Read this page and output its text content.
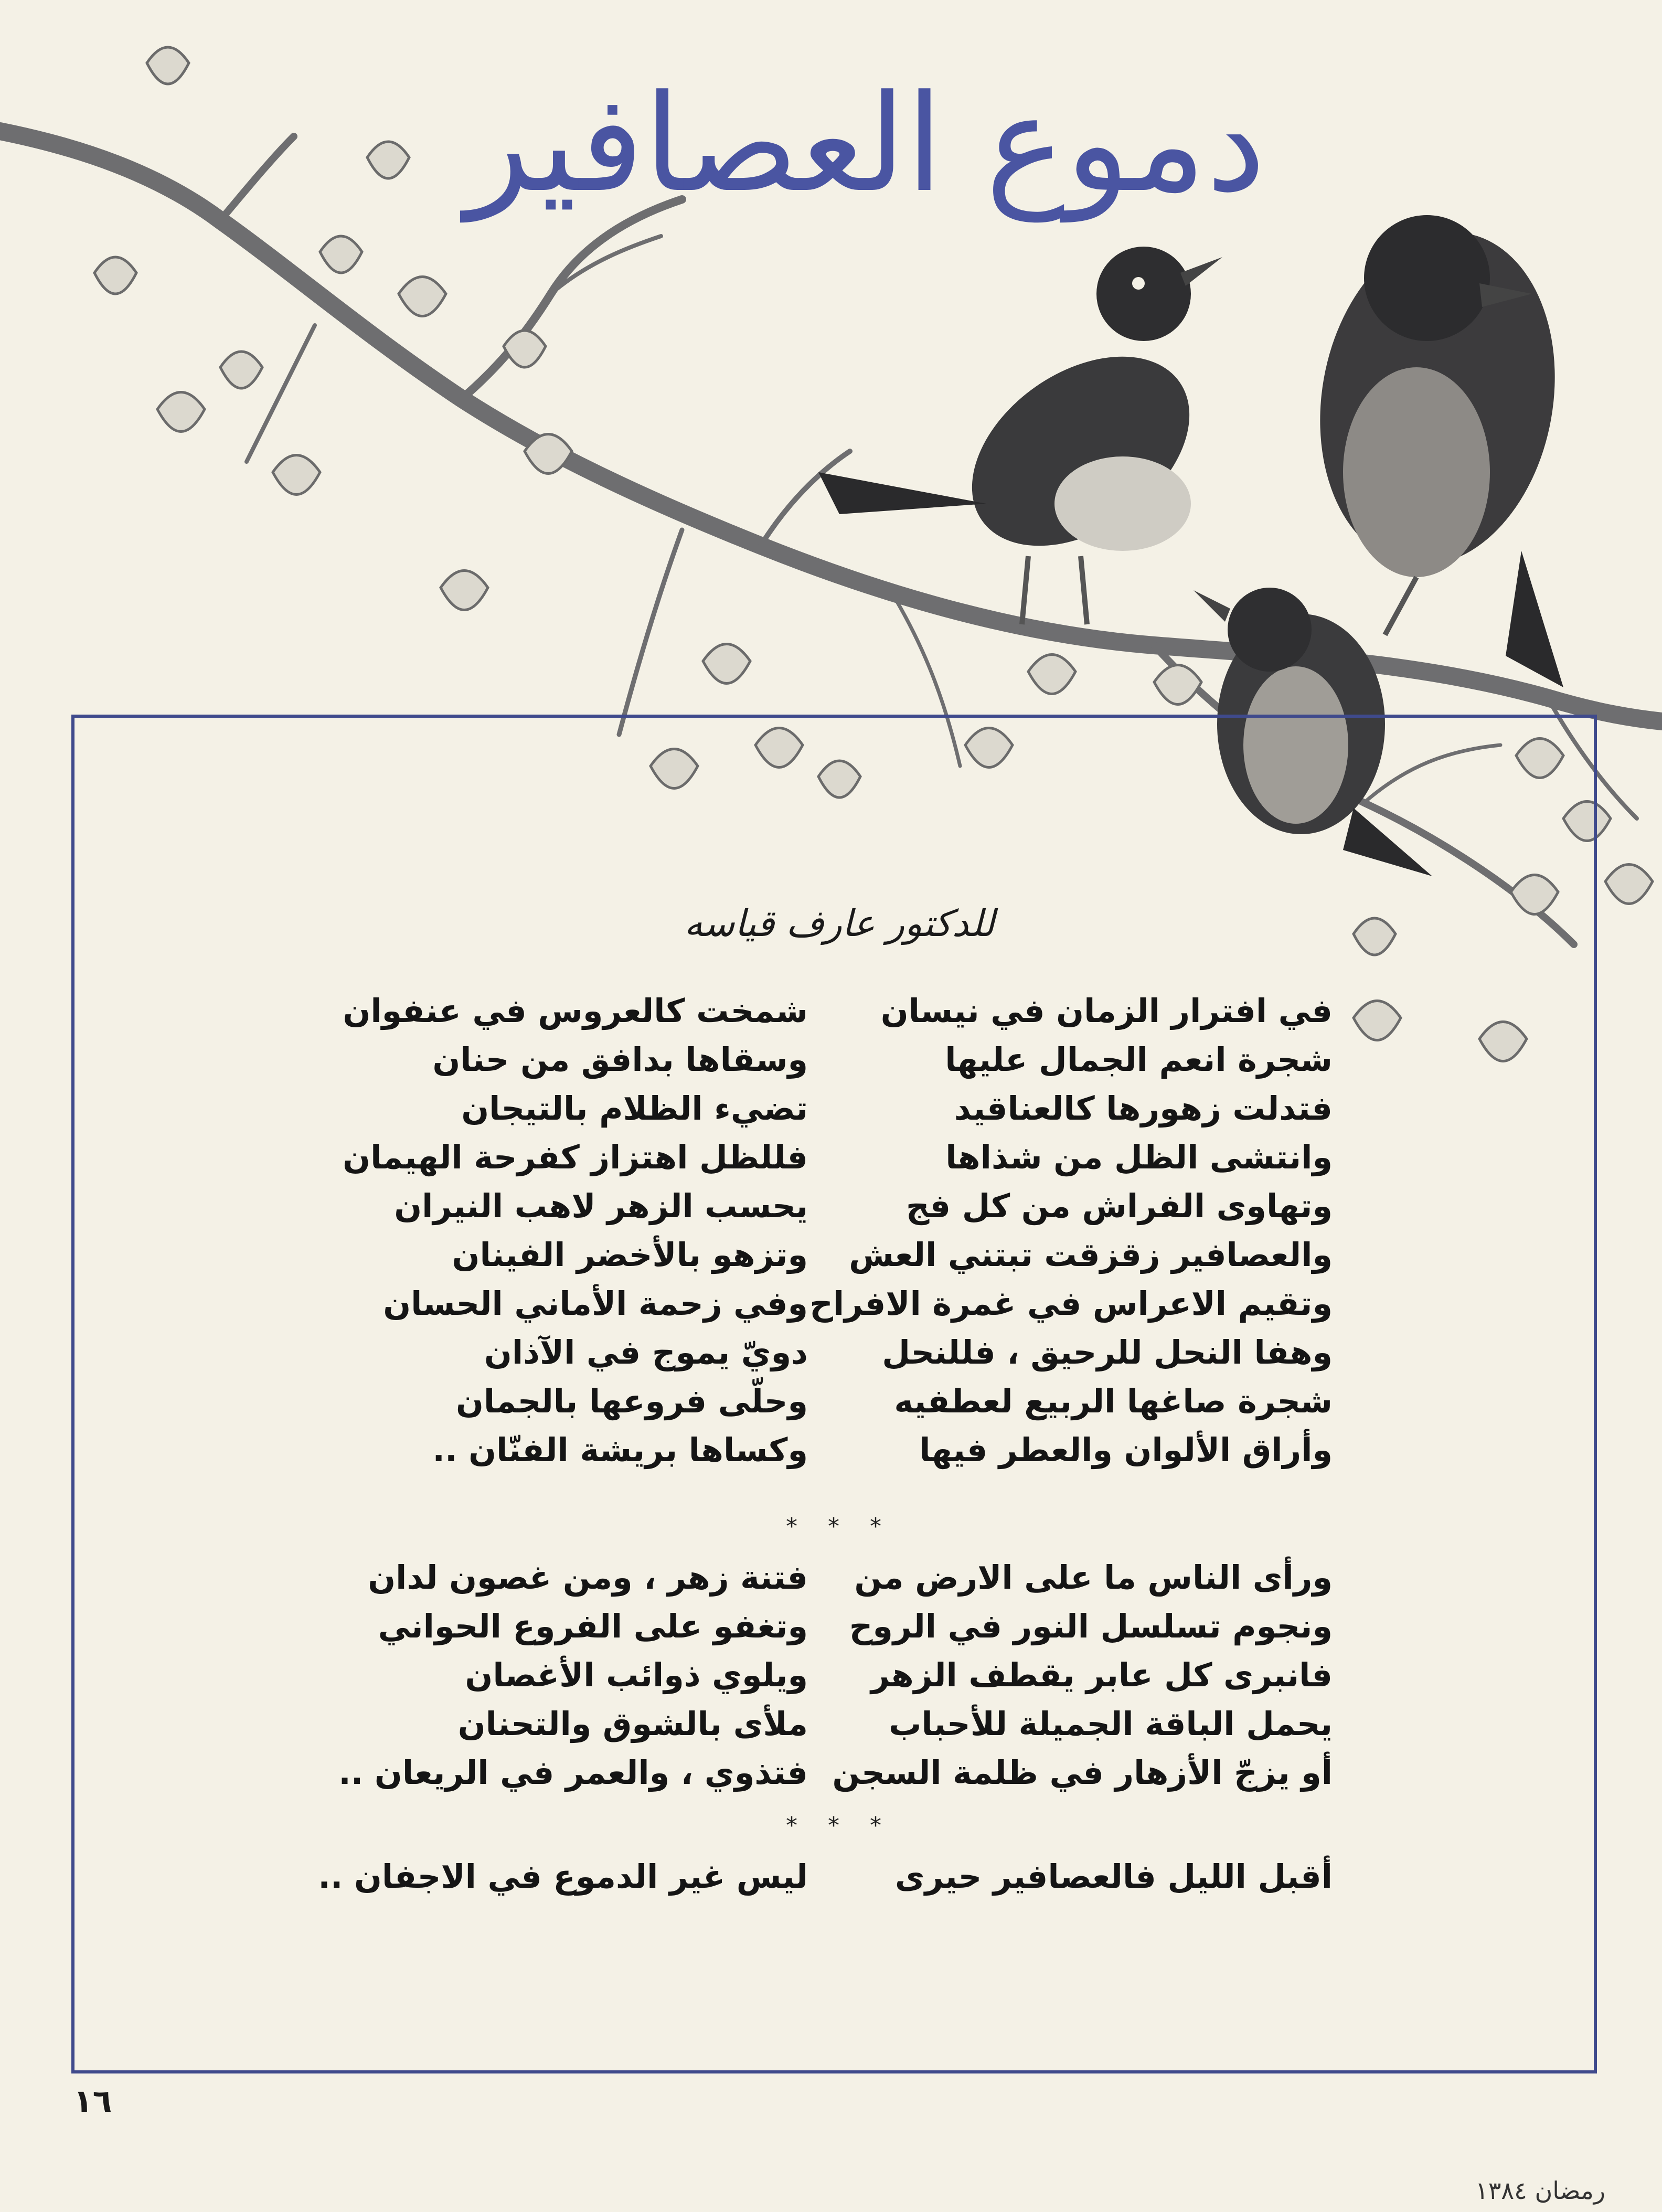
دموع العصافير
للدكتور عارف قياسه
في افترار الزمان في نيسان
شجرة انعم الجمال عليها
فتدلت زهورها كالعناقيد
وانتشى الظل من شذاها
وتهاوى الفراش من كل فج
والعصافير زقزقت تبتني العش
وتقيم الاعراس في غمرة الافراح
وهفا النحل للرحيق ، فللنحل
شجرة صاغها الربيع لعطفيه
وأراق الألوان والعطر فيها
شمخت كالعروس في عنفوان
وسقاها بدافق من حنان
تضيء الظلام بالتيجان
فللظل اهتزاز كفرحة الهيمان
يحسب الزهر لاهب النيران
وتزهو بالأخضر الفينان
وفي زحمة الأماني الحسان
دويّ يموج في الآذان
وحلّى فروعها بالجمان
وكساها بريشة الفنّان ..
* * *
ورأى الناس ما على الارض من
ونجوم تسلسل النور في الروح
فانبرى كل عابر يقطف الزهر
يحمل الباقة الجميلة للأحباب
أو يزجّ الأزهار في ظلمة السجن
فتنة زهر ، ومن غصون لدان
وتغفو على الفروع الحواني
ويلوي ذوائب الأغصان
ملأى بالشوق والتحنان
فتذوي ، والعمر في الريعان ..
* * *
أقبل الليل فالعصافير حيرى
ليس غير الدموع في الاجفان ..
١٦
رمضان ١٣٨٤
